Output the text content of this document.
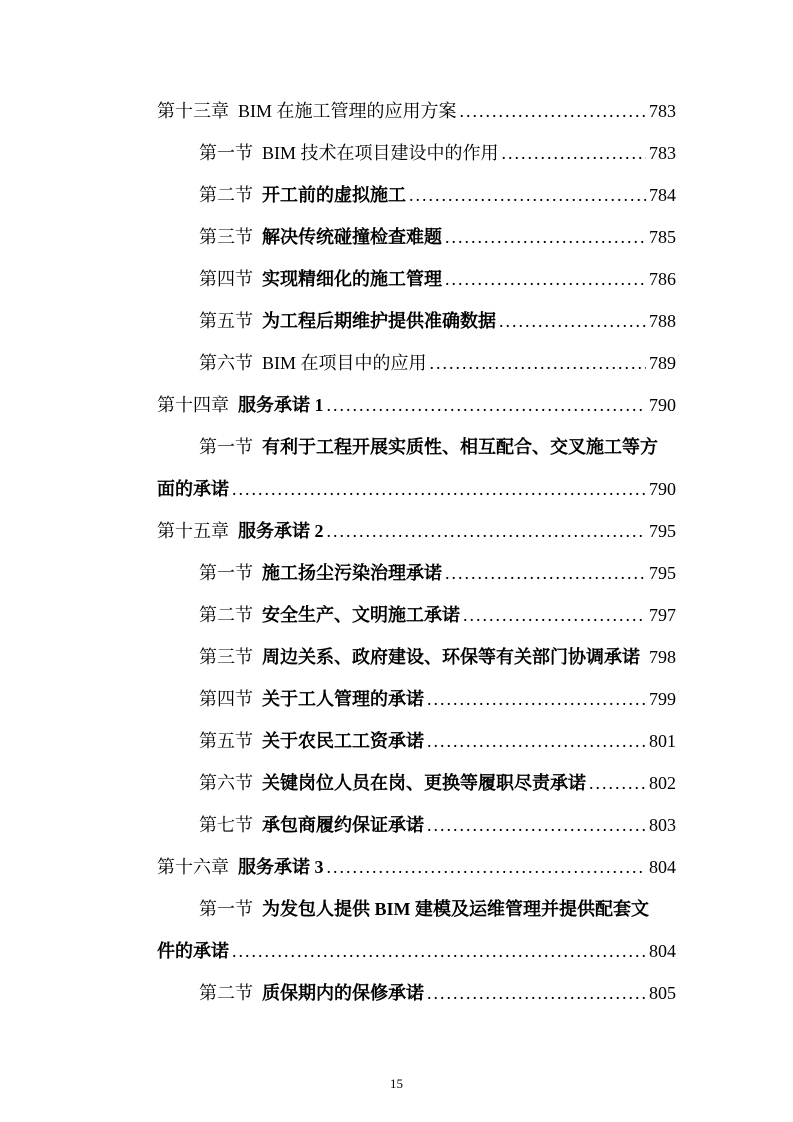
第十三章 BIM 在施工管理的应用方案 .....	783
第一节 BIM 技术在项目建设中的作用 .....	783
第二节 开工前的虚拟施工 .....	784
第三节 解决传统碰撞检查难题 .....	785
第四节 实现精细化的施工管理 .....	786
第五节 为工程后期维护提供准确数据 .....	788
第六节 BIM 在项目中的应用 .....	789
第十四章 服务承诺 1 .....	790
第一节 有利于工程开展实质性、相互配合、交叉施工等方
面的承诺 .....	790
第十五章 服务承诺 2 .....	795
第一节 施工扬尘污染治理承诺 .....	795
第二节 安全生产、文明施工承诺 .....	797
第三节 周边关系、政府建设、环保等有关部门协调承诺 798
第四节 关于工人管理的承诺 .....	799
第五节 关于农民工工资承诺 .....	801
第六节 关键岗位人员在岗、更换等履职尽责承诺 .....	802
第七节 承包商履约保证承诺 .....	803
第十六章 服务承诺 3 .....	804
第一节 为发包人提供 BIM 建模及运维管理并提供配套文
件的承诺 .....	804
第二节 质保期内的保修承诺 .....	805
15
